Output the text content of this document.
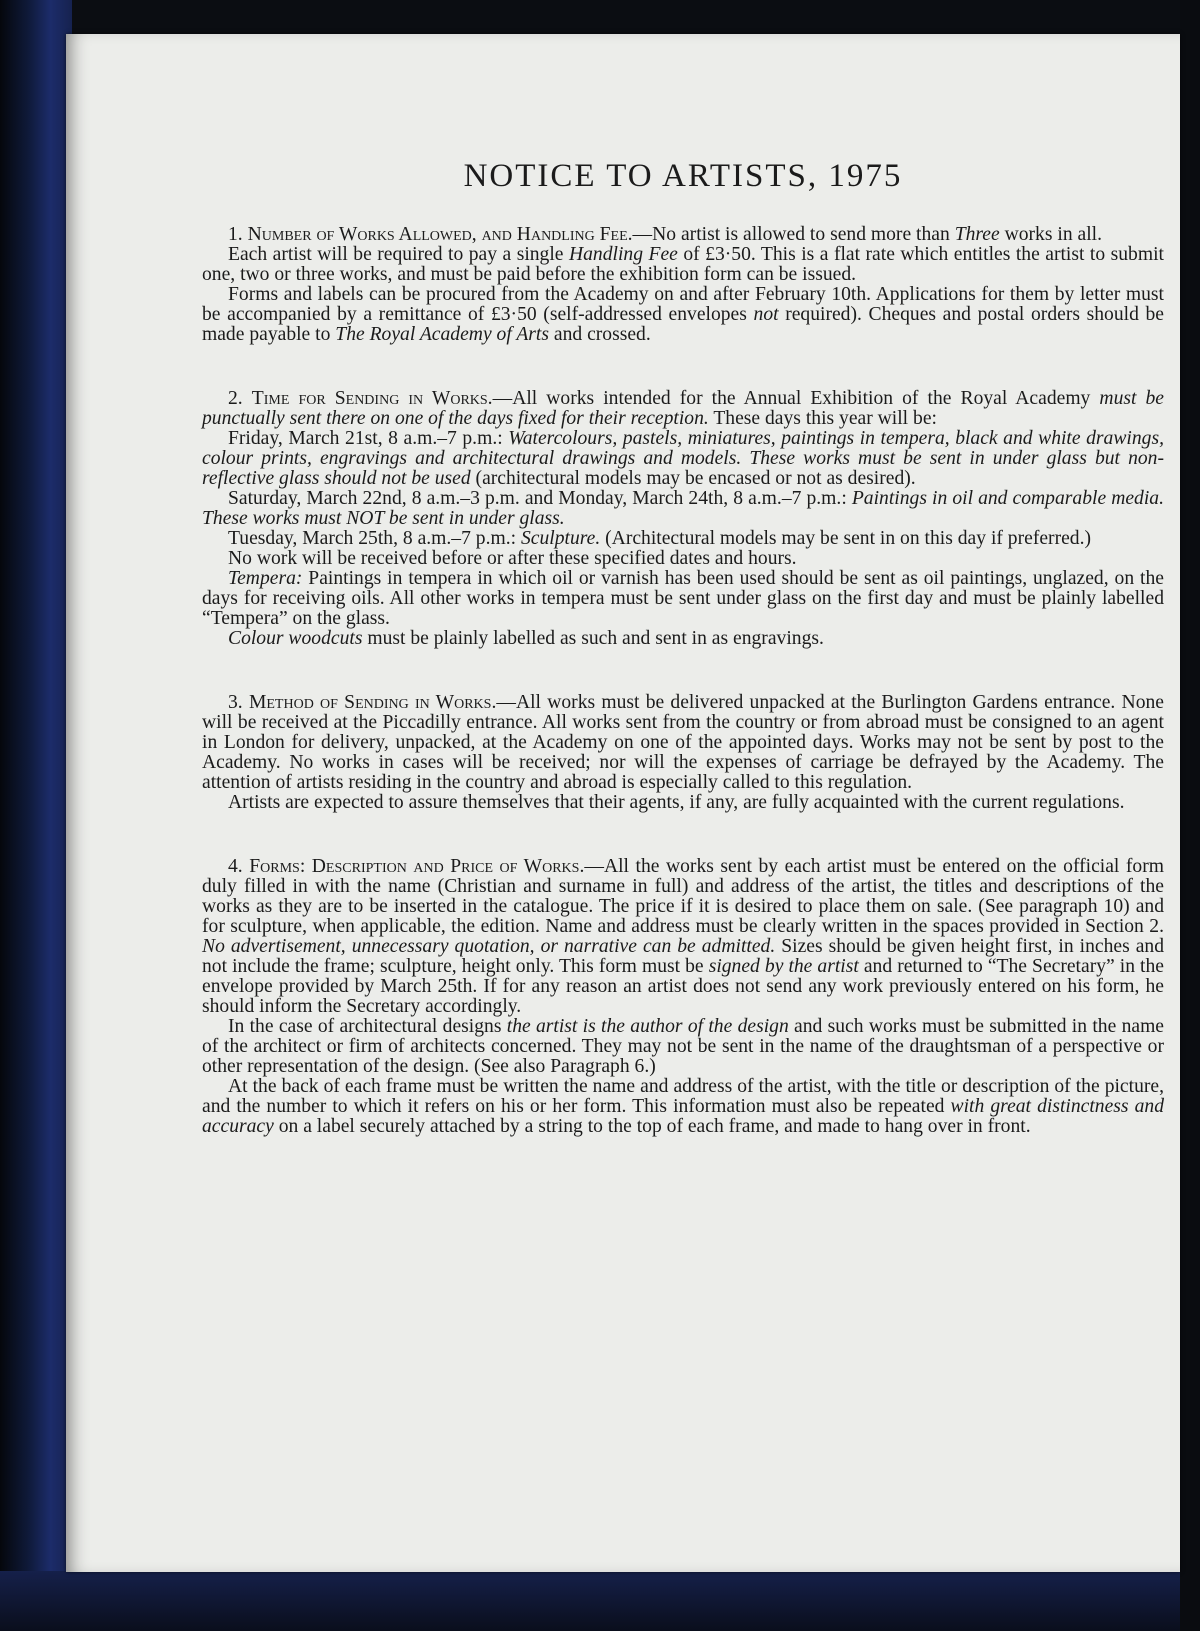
NOTICE TO ARTISTS, 1975

1. Number of Works Allowed, and Handling Fee.—No artist is allowed to send more than Three works in all.

Each artist will be required to pay a single Handling Fee of £3·50. This is a flat rate which entitles the artist to submit one, two or three works, and must be paid before the exhibition form can be issued.

Forms and labels can be procured from the Academy on and after February 10th. Applications for them by letter must be accompanied by a remittance of £3·50 (self-addressed envelopes not required). Cheques and postal orders should be made payable to The Royal Academy of Arts and crossed.

2. Time for Sending in Works.—All works intended for the Annual Exhibition of the Royal Academy must be punctually sent there on one of the days fixed for their reception. These days this year will be:

Friday, March 21st, 8 a.m.–7 p.m.: Watercolours, pastels, miniatures, paintings in tempera, black and white drawings, colour prints, engravings and architectural drawings and models. These works must be sent in under glass but non-reflective glass should not be used (architectural models may be encased or not as desired).

Saturday, March 22nd, 8 a.m.–3 p.m. and Monday, March 24th, 8 a.m.–7 p.m.: Paintings in oil and comparable media. These works must NOT be sent in under glass.

Tuesday, March 25th, 8 a.m.–7 p.m.: Sculpture. (Architectural models may be sent in on this day if preferred.)

No work will be received before or after these specified dates and hours.

Tempera: Paintings in tempera in which oil or varnish has been used should be sent as oil paintings, unglazed, on the days for receiving oils. All other works in tempera must be sent under glass on the first day and must be plainly labelled “Tempera” on the glass.

Colour woodcuts must be plainly labelled as such and sent in as engravings.

3. Method of Sending in Works.—All works must be delivered unpacked at the Burlington Gardens entrance. None will be received at the Piccadilly entrance. All works sent from the country or from abroad must be consigned to an agent in London for delivery, unpacked, at the Academy on one of the appointed days. Works may not be sent by post to the Academy. No works in cases will be received; nor will the expenses of carriage be defrayed by the Academy. The attention of artists residing in the country and abroad is especially called to this regulation.

Artists are expected to assure themselves that their agents, if any, are fully acquainted with the current regulations.

4. Forms: Description and Price of Works.—All the works sent by each artist must be entered on the official form duly filled in with the name (Christian and surname in full) and address of the artist, the titles and descriptions of the works as they are to be inserted in the catalogue. The price if it is desired to place them on sale. (See paragraph 10) and for sculpture, when applicable, the edition. Name and address must be clearly written in the spaces provided in Section 2. No advertisement, unnecessary quotation, or narrative can be admitted. Sizes should be given height first, in inches and not include the frame; sculpture, height only. This form must be signed by the artist and returned to “The Secretary” in the envelope provided by March 25th. If for any reason an artist does not send any work previously entered on his form, he should inform the Secretary accordingly.

In the case of architectural designs the artist is the author of the design and such works must be submitted in the name of the architect or firm of architects concerned. They may not be sent in the name of the draughtsman of a perspective or other representation of the design. (See also Paragraph 6.)

At the back of each frame must be written the name and address of the artist, with the title or description of the picture, and the number to which it refers on his or her form. This information must also be repeated with great distinctness and accuracy on a label securely attached by a string to the top of each frame, and made to hang over in front.
